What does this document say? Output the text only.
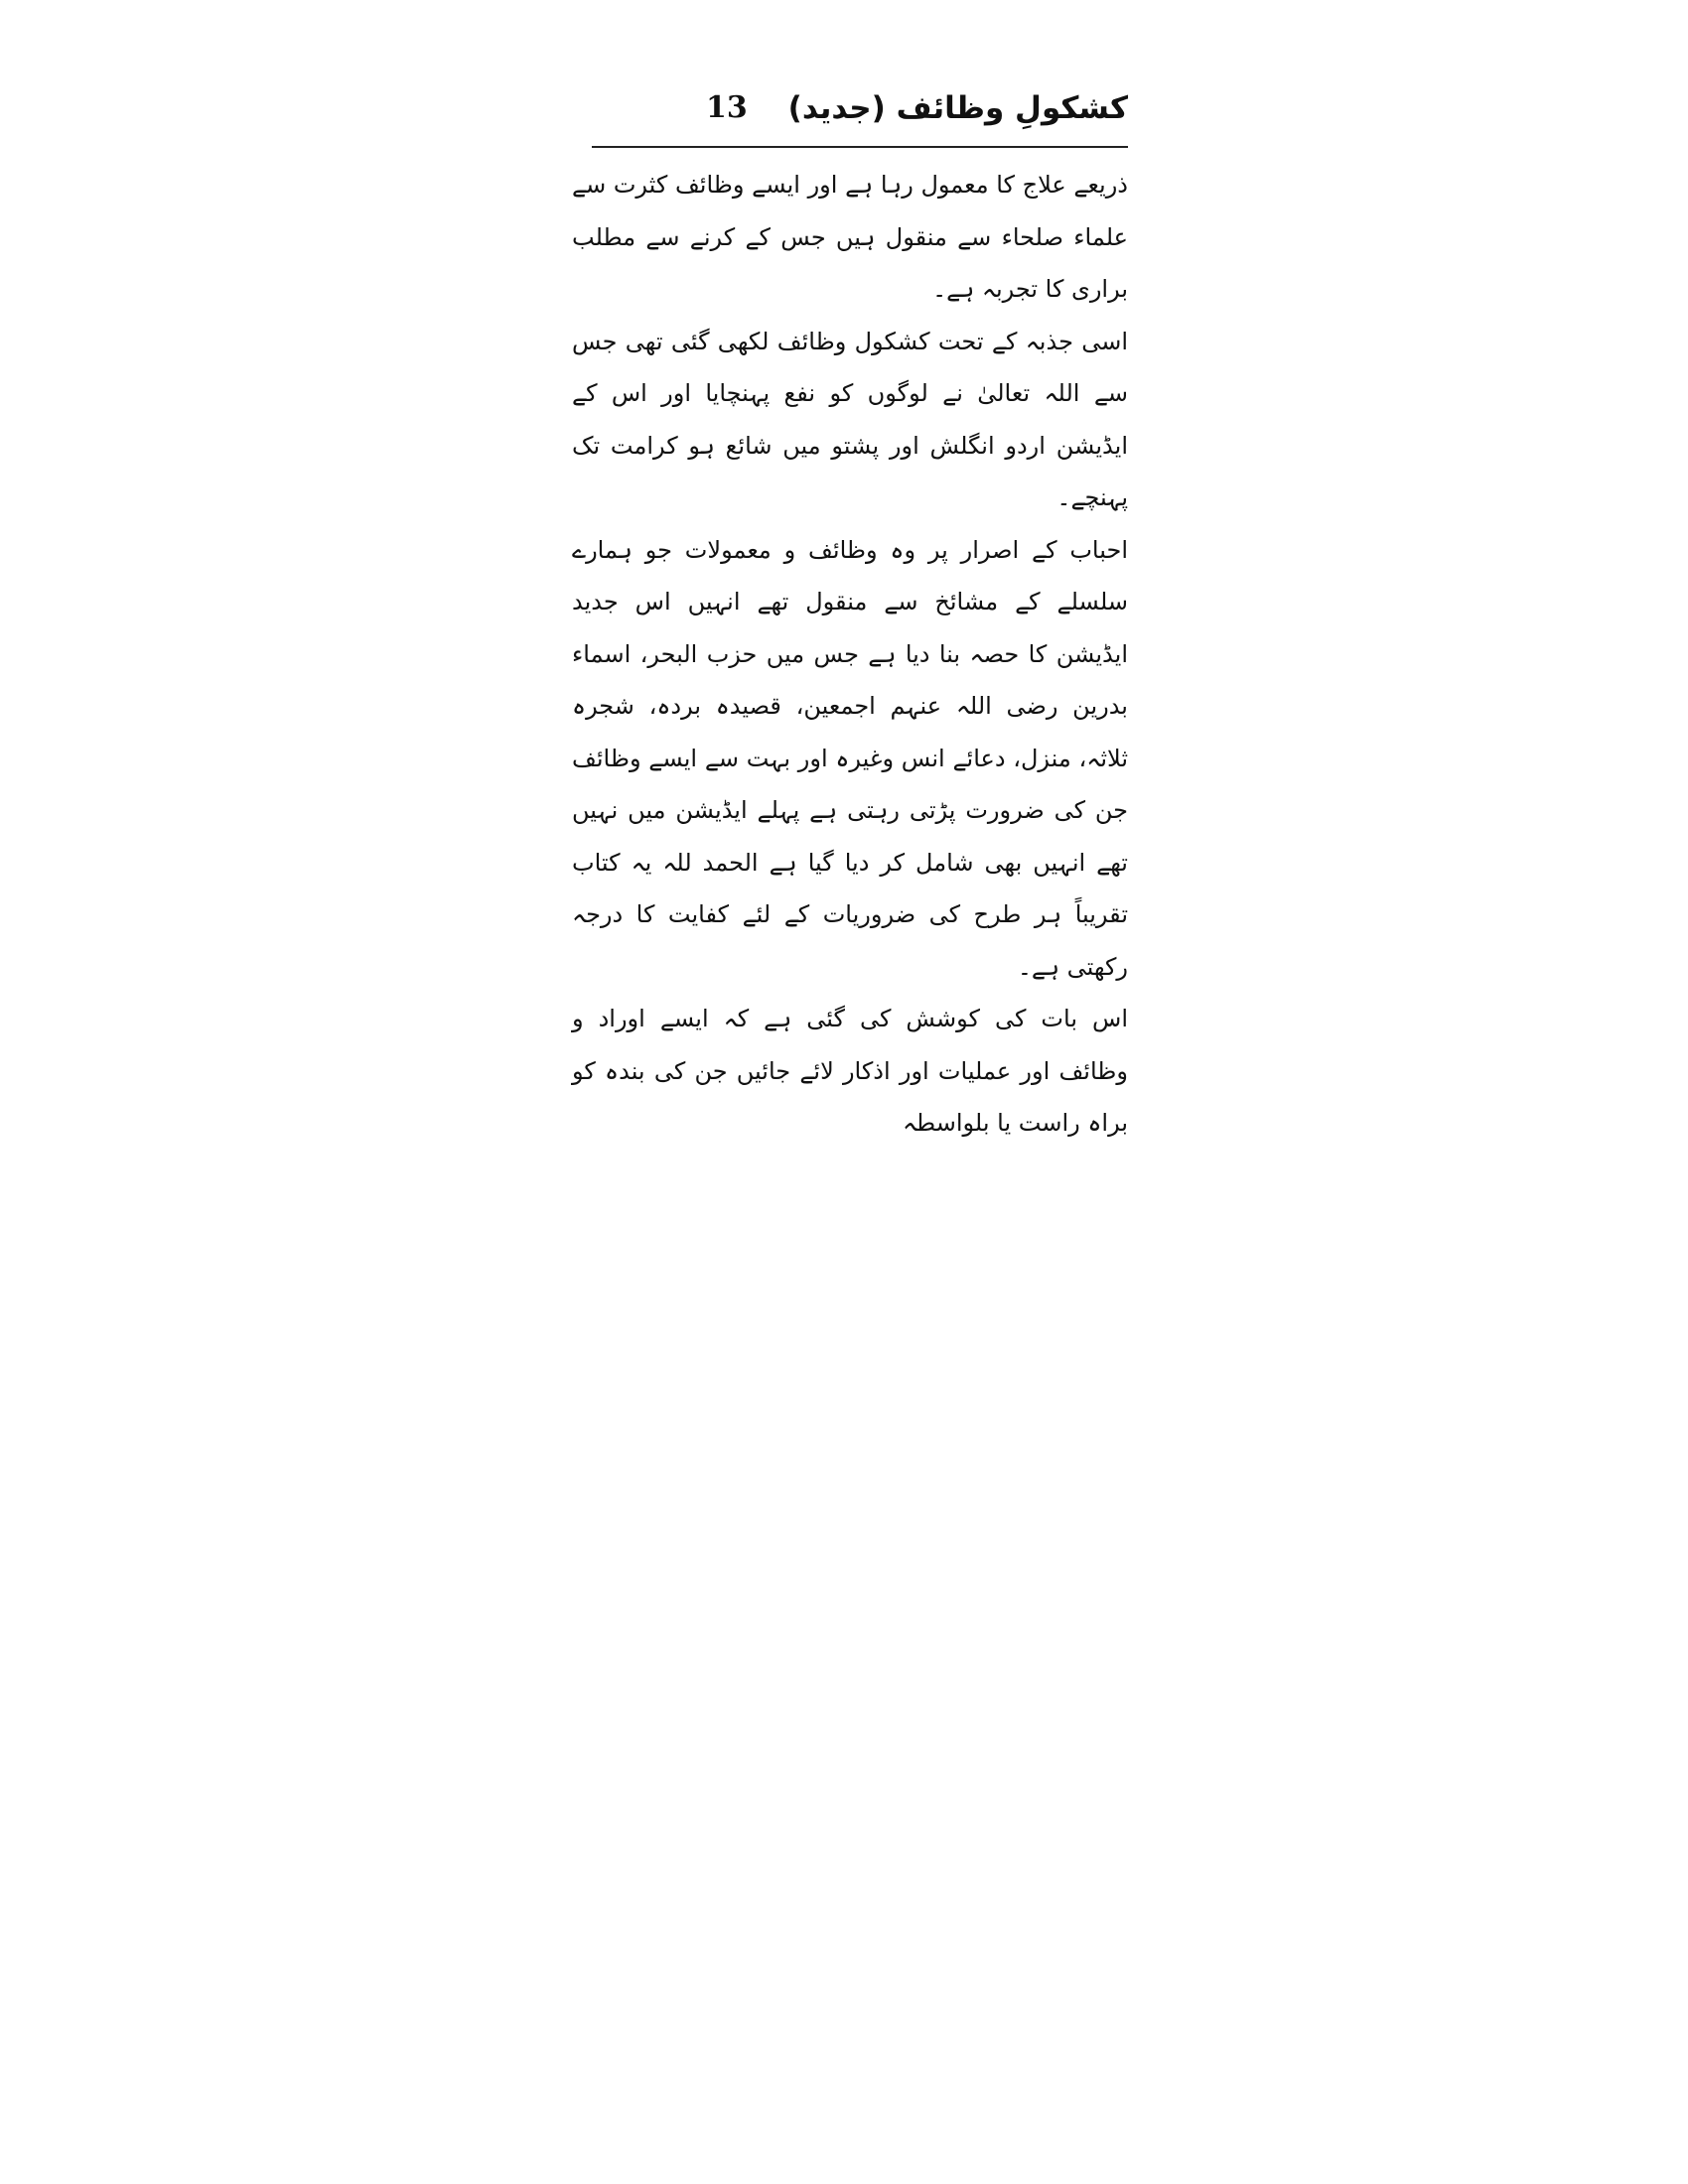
کشکولِ وظائف (جدید)
13

ذریعے علاج کا معمول رہا ہے اور ایسے وظائف کثرت سے علماء صلحاء سے منقول ہیں جس کے کرنے سے مطلب براری کا تجربہ ہے۔

اسی جذبہ کے تحت کشکول وظائف لکھی گئی تھی جس سے اللہ تعالیٰ نے لوگوں کو نفع پہنچایا اور اس کے ایڈیشن اردو انگلش اور پشتو میں شائع ہو کرامت تک پہنچے۔

احباب کے اصرار پر وہ وظائف و معمولات جو ہمارے سلسلے کے مشائخ سے منقول تھے انہیں اس جدید ایڈیشن کا حصہ بنا دیا ہے جس میں حزب البحر، اسماء بدرین رضی اللہ عنہم اجمعین، قصیدہ بردہ، شجرہ ثلاثہ، منزل، دعائے انس وغیرہ اور بہت سے ایسے وظائف جن کی ضرورت پڑتی رہتی ہے پہلے ایڈیشن میں نہیں تھے انہیں بھی شامل کر دیا گیا ہے الحمد للہ یہ کتاب تقریباً ہر طرح کی ضروریات کے لئے کفایت کا درجہ رکھتی ہے۔

اس بات کی کوشش کی گئی ہے کہ ایسے اوراد و وظائف اور عملیات اور اذکار لائے جائیں جن کی بندہ کو براہ راست یا بلواسطہ
